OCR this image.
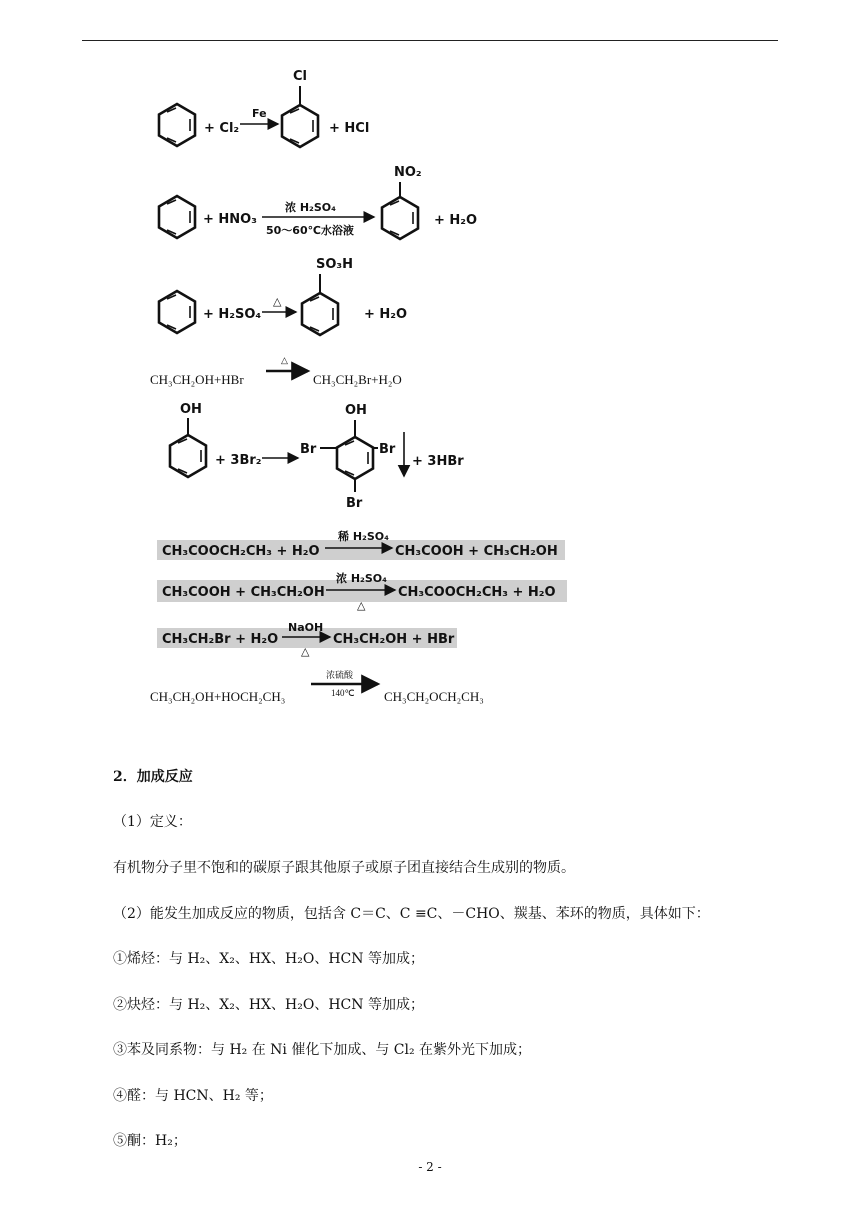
+ Cl₂
Fe
Cl
+ HCl
+ HNO₃
浓 H₂SO₄
50～60℃水浴液
NO₂
+ H₂O
+ H₂SO₄
△
SO₃H
+ H₂O
CH₃CH₂OH+HBr
△
CH₃CH₂Br+H₂O
OH
+ 3Br₂
OH
Br	Br
Br
+ 3HBr
CH₃COOCH₂CH₃ + H₂O
稀 H₂SO₄
CH₃COOH + CH₃CH₂OH
CH₃COOH + CH₃CH₂OH
浓 H₂SO₄
△
CH₃COOCH₂CH₃ + H₂O
CH₃CH₂Br + H₂O
NaOH
△
CH₃CH₂OH + HBr
CH₃CH₂OH+HOCH₂CH₃
浓硫酸
140℃ CH₃CH₂OCH₂CH₃
2．加成反应
（1）定义：
有机物分子里不饱和的碳原子跟其他原子或原子团直接结合生成别的物质。
（2）能发生加成反应的物质，包括含 C＝C、C ≡C、－CHO、羰基、苯环的物质，具体如下：
①烯烃：与 H₂、X₂、HX、H₂O、HCN 等加成；
②炔烃：与 H₂、X₂、HX、H₂O、HCN 等加成；
③苯及同系物：与 H₂ 在 Ni 催化下加成、与 Cl₂ 在紫外光下加成；
④醛：与 HCN、H₂ 等；
⑤酮：H₂；
- 2 -
